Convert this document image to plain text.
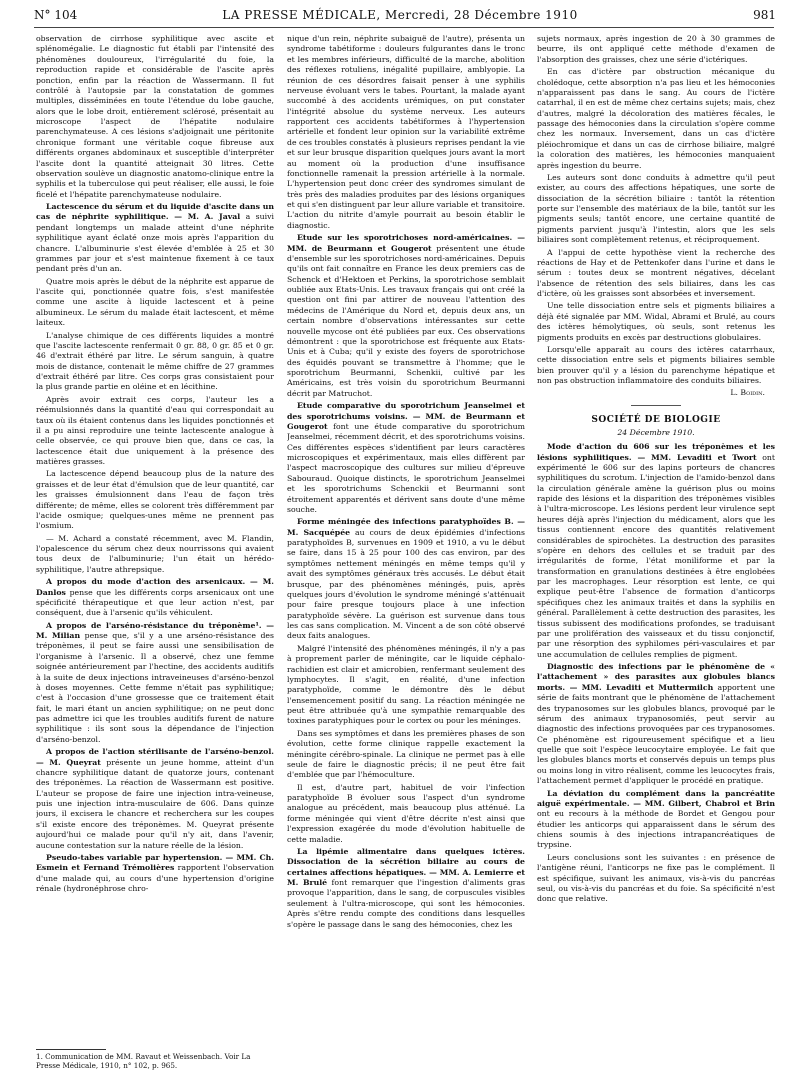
N° 104	LA PRESSE MÉDICALE, Mercredi, 28 Décembre 1910	981

observation de cirrhose syphilitique avec ascite et splénomégalie. Le diagnostic fut établi par l'intensité des phénomènes douloureux, l'irrégularité du foie, la reproduction rapide et considérable de l'ascite après ponction, enfin par la réaction de Wassermann. Il fut contrôlé à l'autopsie par la constatation de gommes multiples, disséminées en toute l'étendue du lobe gauche, alors que le lobe droit, entièrement sclérosé, présentait au microscope l'aspect de l'hépatite nodulaire parenchymateuse. A ces lésions s'adjoignait une péritonite chronique formant une véritable coque fibreuse aux différents organes abdominaux et susceptible d'interpréter l'ascite dont la quantité atteignait 30 litres. Cette observation soulève un diagnostic anatomo-clinique entre la syphilis et la tuberculose qui peut réaliser, elle aussi, le foie ficelé et l'hépatite parenchymateuse nodulaire.

Lactescence du sérum et du liquide d'ascite dans un cas de néphrite syphilitique. — M. A. Javal a suivi pendant longtemps un malade atteint d'une néphrite syphilitique ayant éclaté onze mois après l'apparition du chancre. L'albuminurie s'est élevée d'emblée à 25 et 30 grammes par jour et s'est maintenue fixement à ce taux pendant près d'un an.

Quatre mois après le début de la néphrite est apparue de l'ascite qui, ponctionnée quatre fois, s'est manifestée comme une ascite à liquide lactescent et à peine albumineux. Le sérum du malade était lactescent, et même laiteux.

L'analyse chimique de ces différents liquides a montré que l'ascite lactescente renfermait 0 gr. 88, 0 gr. 85 et 0 gr. 46 d'extrait éthéré par litre. Le sérum sanguin, à quatre mois de distance, contenait le même chiffre de 27 grammes d'extrait éthéré par litre. Ces corps gras consistaient pour la plus grande partie en oléine et en lécithine.

Après avoir extrait ces corps, l'auteur les a réémulsionnés dans la quantité d'eau qui correspondait au taux où ils étaient contenus dans les liquides ponctionnés et il a pu ainsi reproduire une teinte lactescente analogue à celle observée, ce qui prouve bien que, dans ce cas, la lactescence était due uniquement à la présence des matières grasses.

La lactescence dépend beaucoup plus de la nature des graisses et de leur état d'émulsion que de leur quantité, car les graisses émulsionnent dans l'eau de façon très différente; de même, elles se colorent très différemment par l'acide osmique; quelques-unes même ne prennent pas l'osmium.

— M. Achard a constaté récemment, avec M. Flandin, l'opalescence du sérum chez deux nourrissons qui avaient tous deux de l'albuminurie; l'un était un hérédo-syphilitique, l'autre athrepsique.

A propos du mode d'action des arsenicaux. — M. Danlos pense que les différents corps arsenicaux ont une spécificité thérapeutique et que leur action n'est, par conséquent, due à l'arsenic qu'ils véhiculent.

A propos de l'arséno-résistance du tréponème¹. — M. Milian pense que, s'il y a une arséno-résistance des tréponèmes, il peut se faire aussi une sensibilisation de l'organisme à l'arsenic. Il a observé, chez une femme soignée antérieurement par l'hectine, des accidents auditifs à la suite de deux injections intraveineuses d'arséno-benzol à doses moyennes. Cette femme n'était pas syphilitique; c'est à l'occasion d'une grossesse que ce traitement était fait, le mari étant un ancien syphilitique; on ne peut donc pas admettre ici que les troubles auditifs furent de nature syphilitique : ils sont sous la dépendance de l'injection d'arséno-benzol.

A propos de l'action stérilisante de l'arséno-benzol. — M. Queyrat présente un jeune homme, atteint d'un chancre syphilitique datant de quatorze jours, contenant des tréponèmes. La réaction de Wassermann est positive. L'auteur se propose de faire une injection intra-veineuse, puis une injection intra-musculaire de 606. Dans quinze jours, il excisera le chancre et recherchera sur les coupes s'il existe encore des tréponèmes. M. Queyrat présente aujourd'hui ce malade pour qu'il n'y ait, dans l'avenir, aucune contestation sur la nature réelle de la lésion.

Pseudo-tabes variable par hypertension. — MM. Ch. Esmein et Fernand Trémolières rapportent l'observation d'une malade qui, au cours d'une hypertension d'origine rénale (hydronéphrose chro-

nique d'un rein, néphrite subaiguë de l'autre), présenta un syndrome tabétiforme : douleurs fulgurantes dans le tronc et les membres inférieurs, difficulté de la marche, abolition des réflexes rotuliens, inégalité pupillaire, amblyopie. La réunion de ces désordres faisait penser à une syphilis nerveuse évoluant vers le tabes. Pourtant, la malade ayant succombé à des accidents urémiques, on put constater l'intégrité absolue du système nerveux. Les auteurs rapportent ces accidents tabétiformes à l'hypertension artérielle et fondent leur opinion sur la variabilité extrême de ces troubles constatés à plusieurs reprises pendant la vie et sur leur brusque disparition quelques jours avant la mort au moment où la production d'une insuffisance fonctionnelle ramenait la pression artérielle à la normale. L'hypertension peut donc créer des syndromes simulant de très près des maladies produites par des lésions organiques et qui s'en distinguent par leur allure variable et transitoire. L'action du nitrite d'amyle pourrait au besoin établir le diagnostic.

Etude sur les sporotrichoses nord-américaines. — MM. de Beurmann et Gougerot présentent une étude d'ensemble sur les sporotrichoses nord-américaines. Depuis qu'ils ont fait connaître en France les deux premiers cas de Schenck et d'Hektoen et Perkins, la sporotrichose semblait oubliée aux Etats-Unis. Les travaux français qui ont créé la question ont fini par attirer de nouveau l'attention des médecins de l'Amérique du Nord et, depuis deux ans, un certain nombre d'observations intéressantes sur cette nouvelle mycose ont été publiées par eux. Ces observations démontrent : que la sporotrichose est fréquente aux Etats-Unis et à Cuba; qu'il y existe des foyers de sporotrichose des équidés pouvant se transmettre à l'homme; que le sporotrichum Beurmanni, Schenkii, cultivé par les Américains, est très voisin du sporotrichum Beurmanni décrit par Matruchot.

Etude comparative du sporotrichum Jeanselmei et des sporotrichums voisins. — MM. de Beurmann et Gougerot font une étude comparative du sporotrichum Jeanselmei, récemment décrit, et des sporotrichums voisins. Ces différentes espèces s'identifient par leurs caractères microscopiques et expérimentaux, mais elles diffèrent par l'aspect macroscopique des cultures sur milieu d'épreuve Sabouraud. Quoique distincts, le sporotrichum Jeanselmei et les sporotrichums Schenckii et Beurmanni sont étroitement apparentés et dérivent sans doute d'une même souche.

Forme méningée des infections paratyphoïdes B. — M. Sacquépée au cours de deux épidémies d'infections paratyphoïdes B, survenues en 1909 et 1910, a vu le début se faire, dans 15 à 25 pour 100 des cas environ, par des symptômes nettement méningés en même temps qu'il y avait des symptômes généraux très accusés. Le début était brusque, par des phénomènes méningés, puis, après quelques jours d'évolution le syndrome méningé s'atténuait pour faire presque toujours place à une infection paratyphoïde sévère. La guérison est survenue dans tous les cas sans complication. M. Vincent a de son côté observé deux faits analogues.

Malgré l'intensité des phénomènes méningés, il n'y a pas à proprement parler de méningite, car le liquide céphalo-rachidien est clair et amicrobien, renfermant seulement des lymphocytes. Il s'agit, en réalité, d'une infection paratyphoïde, comme le démontre dès le début l'ensemencement positif du sang. La réaction méningée ne peut être attribuée qu'à une sympathie remarquable des toxines paratyphiques pour le cortex ou pour les méninges.

Dans ses symptômes et dans les premières phases de son évolution, cette forme clinique rappelle exactement la méningite cérébro-spinale. La clinique ne permet pas à elle seule de faire le diagnostic précis; il ne peut être fait d'emblée que par l'hémoculture.

Il est, d'autre part, habituel de voir l'infection paratyphoïde B évoluer sous l'aspect d'un syndrome analogue au précédent, mais beaucoup plus atténué. La forme méningée qui vient d'être décrite n'est ainsi que l'expression exagérée du mode d'évolution habituelle de cette maladie.

La lipémie alimentaire dans quelques ictères. Dissociation de la sécrétion biliaire au cours de certaines affections hépatiques. — MM. A. Lemierre et M. Brulé font remarquer que l'ingestion d'aliments gras provoque l'apparition, dans le sang, de corpuscules visibles seulement à l'ultra-microscope, qui sont les hémoconies. Après s'être rendu compte des conditions dans lesquelles s'opère le passage dans le sang des hémoconies, chez les

sujets normaux, après ingestion de 20 à 30 grammes de beurre, ils ont appliqué cette méthode d'examen de l'absorption des graisses, chez une série d'ictériques.

En cas d'ictère par obstruction mécanique du cholédoque, cette absorption n'a pas lieu et les hémoconies n'apparaissent pas dans le sang. Au cours de l'ictère catarrhal, il en est de même chez certains sujets; mais, chez d'autres, malgré la décoloration des matières fécales, le passage des hémoconies dans la circulation s'opère comme chez les normaux. Inversement, dans un cas d'ictère pléiochromique et dans un cas de cirrhose biliaire, malgré la coloration des matières, les hémoconies manquaient après ingestion du beurre.

Les auteurs sont donc conduits à admettre qu'il peut exister, au cours des affections hépatiques, une sorte de dissociation de la sécrétion biliaire : tantôt la rétention porte sur l'ensemble des matériaux de la bile, tantôt sur les pigments seuls; tantôt encore, une certaine quantité de pigments parvient jusqu'à l'intestin, alors que les sels biliaires sont complètement retenus, et réciproquement.

A l'appui de cette hypothèse vient la recherche des réactions de Hay et de Pettenkofer dans l'urine et dans le sérum : toutes deux se montrent négatives, décelant l'absence de rétention des sels biliaires, dans les cas d'ictère, où les graisses sont absorbées et inversement.

Une telle dissociation entre sels et pigments biliaires a déjà été signalée par MM. Widal, Abrami et Brulé, au cours des ictères hémolytiques, où seuls, sont retenus les pigments produits en excès par destructions globulaires.

Lorsqu'elle apparaît au cours des ictères catarrhaux, cette dissociation entre sels et pigments biliaires semble bien prouver qu'il y a lésion du parenchyme hépatique et non pas obstruction inflammatoire des conduits biliaires.

L. Boidin.
SOCIÉTÉ DE BIOLOGIE
24 Décembre 1910.

Mode d'action du 606 sur les tréponèmes et les lésions syphilitiques. — MM. Levaditi et Twort ont expérimenté le 606 sur des lapins porteurs de chancres syphilitiques du scrotum. L'injection de l'amido-benzol dans la circulation générale amène la guérison plus ou moins rapide des lésions et la disparition des tréponèmes visibles à l'ultra-microscope. Les lésions perdent leur virulence sept heures déjà après l'injection du médicament, alors que les tissus contiennent encore des quantités relativement considérables de spirochètes. La destruction des parasites s'opère en dehors des cellules et se traduit par des irrégularités de forme, l'état moniliforme et par la transformation en granulations destinées à être englobées par les macrophages. Leur résorption est lente, ce qui explique peut-être l'absence de formation d'anticorps spécifiques chez les animaux traités et dans la syphilis en général. Parallèlement à cette destruction des parasites, les tissus subissent des modifications profondes, se traduisant par une prolifération des vaisseaux et du tissu conjonctif, par une résorption des syphilomes péri-vasculaires et par une accumulation de cellules remplies de pigment.

Diagnostic des infections par le phénomène de « l'attachement » des parasites aux globules blancs morts. — MM. Levaditi et Muttermilch apportent une série de faits montrant que le phénomène de l'attachement des trypanosomes sur les globules blancs, provoqué par le sérum des animaux trypanosomiés, peut servir au diagnostic des infections provoquées par ces trypanosomes. Ce phénomène est rigoureusement spécifique et a lieu quelle que soit l'espèce leucocytaire employée. Le fait que les globules blancs morts et conservés depuis un temps plus ou moins long in vitro réalisent, comme les leucocytes frais, l'attachement permet d'appliquer le procédé en pratique.

La déviation du complément dans la pancréatite aiguë expérimentale. — MM. Gilbert, Chabrol et Brin ont eu recours à la méthode de Bordet et Gengou pour étudier les anticorps qui apparaissent dans le sérum des chiens soumis à des injections intrapancréatiques de trypsine.

Leurs conclusions sont les suivantes : en présence de l'antigène réuni, l'anticorps ne fixe pas le complément. Il est spécifique, suivant les animaux, vis-à-vis du pancréas seul, ou vis-à-vis du pancréas et du foie. Sa spécificité n'est donc que relative.

1. Communication de MM. Ravaut et Weissenbach. Voir La Presse Médicale, 1910, n° 102, p. 965.
